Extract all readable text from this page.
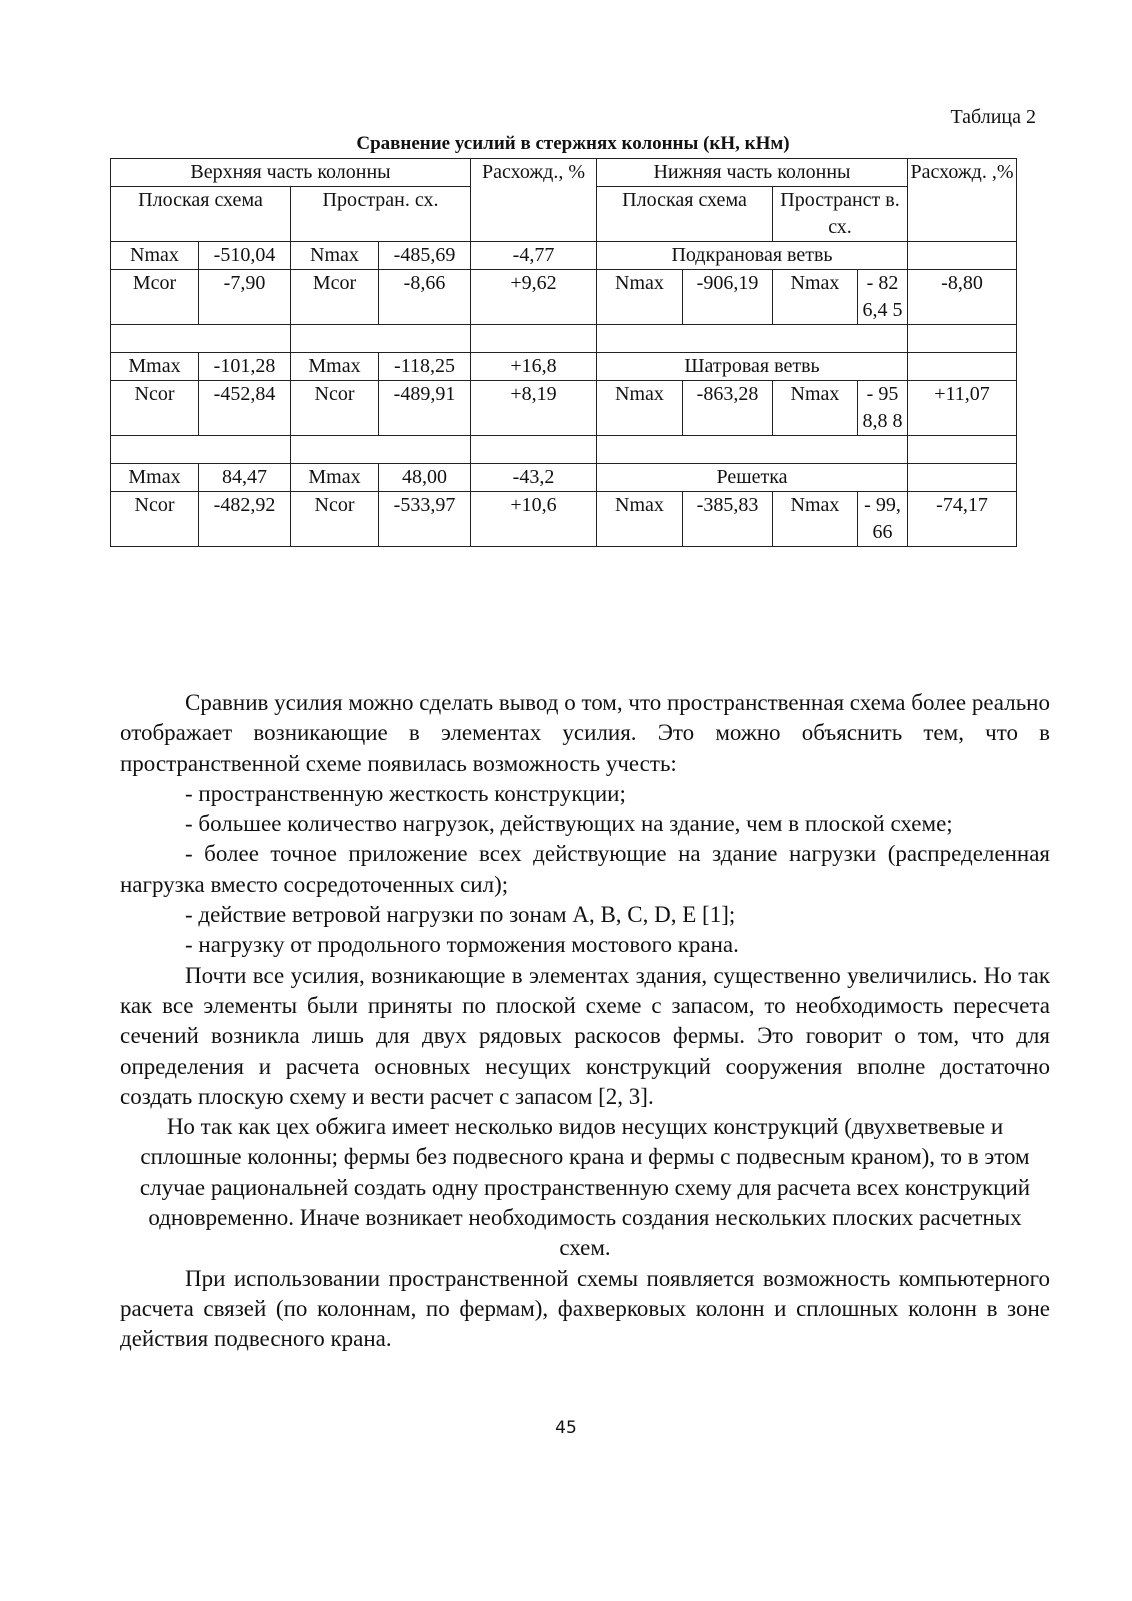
Таблица 2
Сравнение усилий в стержнях колонны (кН, кНм)
Верхняя часть колонны				Расхожд., %	Нижняя часть колонны				Расхожд. ,%
Плоская схема		Простран. сх.			Плоская схема		Пространст в. сх.		
Nmax	-510,04	Nmax	-485,69	-4,77	Подкрановая ветвь				
Mcor	-7,90	Mcor	-8,66	+9,62	Nmax	-906,19	Nmax	- 82 6,4 5	-8,80

Mmax	-101,28	Mmax	-118,25	+16,8	Шатровая ветвь				
Ncor	-452,84	Ncor	-489,91	+8,19	Nmax	-863,28	Nmax	- 95 8,8 8	+11,07

Mmax	84,47	Mmax	48,00	-43,2	Решетка				
Ncor	-482,92	Ncor	-533,97	+10,6	Nmax	-385,83	Nmax	- 99, 66	-74,17

Сравнив усилия можно сделать вывод о том, что пространственная схема более реально отображает возникающие в элементах усилия. Это можно объяснить тем, что в пространственной схеме появилась возможность учесть:

- пространственную жесткость конструкции;

- большее количество нагрузок, действующих на здание, чем в плоской схеме;

- более точное приложение всех действующие на здание нагрузки (распределенная нагрузка вместо сосредоточенных сил);

- действие ветровой нагрузки по зонам A, B, C, D, E [1];

- нагрузку от продольного торможения мостового крана.

Почти все усилия, возникающие в элементах здания, существенно увеличились. Но так как все элементы были приняты по плоской схеме с запасом, то необходимость пересчета сечений возникла лишь для двух рядовых раскосов фермы. Это говорит о том, что для определения и расчета основных несущих конструкций сооружения вполне достаточно создать плоскую схему и вести расчет с запасом [2, 3].

Но так как цех обжига имеет несколько видов несущих конструкций (двухветвевые и сплошные колонны; фермы без подвесного крана и фермы с подвесным краном), то в этом случае рациональней создать одну пространственную схему для расчета всех конструкций одновременно. Иначе возникает необходимость создания нескольких плоских расчетных схем.

При использовании пространственной схемы появляется возможность компьютерного расчета связей (по колоннам, по фермам), фахверковых колонн и сплошных колонн в зоне действия подвесного крана.

45
